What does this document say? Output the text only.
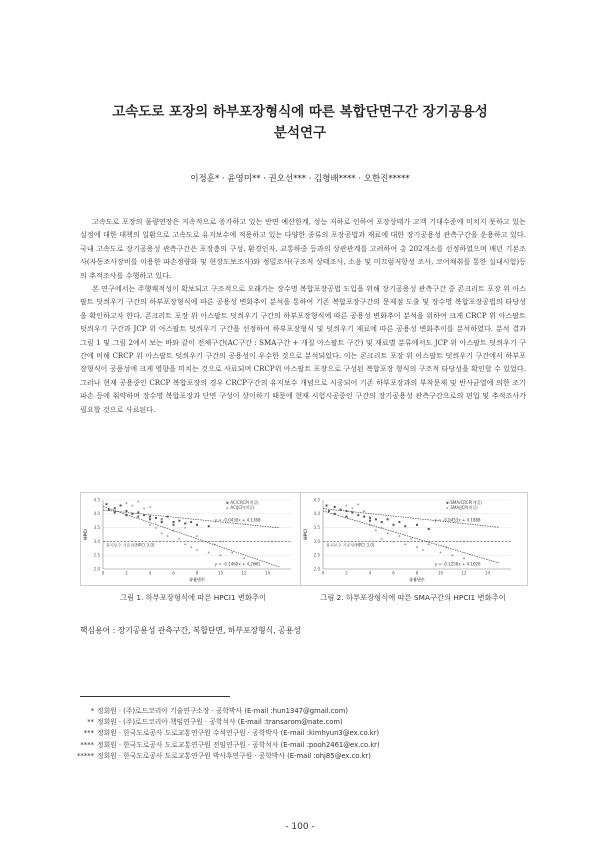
고속도로 포장의 하부포장형식에 따른 복합단면구간 장기공용성
분석연구
이정훈* · 윤영미** · 권오선*** · 김형배**** · 오한진*****

고속도로 포장의 물량연장은 지속적으로 증가하고 있는 반면 예산한계, 성능 저하로 인하여 포장상태가 고객 기대수준에 미치지 못하고 있는 실정에 대한 대책의 일환으로 고속도로 유지보수에 적용하고 있는 다양한 종류의 포장공법과 재료에 대한 장기공용성 관측구간을 운용하고 있다. 국내 고속도로 장기공용성 관측구간은 포장층의 구성, 환경인자, 교통하중 등과의 상관관계를 고려하여 총 202개소를 선정하였으며 매년 기본조사(자동조사장비를 이용한 파손정량화 및 현장도보조사)와 정밀조사(구조적 상태조사, 소음 및 미끄럼저항성 조사, 코어채취를 통한 실내시험)등의 추적조사를 수행하고 있다.

본 연구에서는 주행쾌적성이 확보되고 구조적으로 오래가는 장수명 복합포장공법 도입을 위해 장기공용성 관측구간 중 콘크리트 포장 위 아스팔트 덧씌우기 구간의 하부포장형식에 따른 공용성 변화추이 분석을 통하여 기존 복합포장구간의 문제점 도출 및 장수명 복합포장공법의 타당성을 확인하고자 한다. 콘크리트 포장 위 아스팔트 덧씌우기 구간의 하부포장형식에 따른 공용성 변화추이 분석을 위하여 크게 CRCP 위 아스팔트 덧씌우기 구간과 JCP 위 아스팔트 덧씌우기 구간을 선정하여 하부포장형식 및 덧씌우기 재료에 따른 공용성 변화추이를 분석하였다. 분석 결과 그림 1 및 그림 2에서 보는 바와 같이 전체구간(AC구간 : SMA구간 + 개질 아스팔트 구간) 및 재료별 분류에서도 JCP 위 아스팔트 덧씌우기 구간에 비해 CRCP 위 아스팔트 덧씌우기 구간의 공용성이 우수한 것으로 분석되었다. 이는 콘크리트 포장 위 아스팔트 덧씌우기 구간에서 하부포장형식이 공용성에 크게 영향을 미치는 것으로 사료되며 CRCP위 아스팔트 포장으로 구성된 복합포장 형식의 구조적 타당성을 확인할 수 있었다. 그러나 현재 공용중인 CRCP 복합포장의 경우 CRCP구간의 유지보수 개념으로 시공되어 기존 하부포장과의 부착문제 및 반사균열에 의한 조기파손 등에 취약하며 장수명 복합포장과 단면 구성이 상이하기 때문에 현재 시험시공중인 구간의 장기공용성 관측구간으로의 편입 및 추적조사가 필요할 것으로 사료된다.

2.0
2.5
3.0
3.5
4.0
4.5
0	2	4	6	8	10	12	14
공용년수
HPCI
유지보수 기준선(HPCI 3.0)
y = -0.0430x + 4.1368
y = -0.1460x + 4.2641
AC/CRCP(개질)
AC/JCP(개질)
2.0
2.5
3.0
3.5
4.0
4.5
0	2	4	6	8	10	12	14
공용년수
HPCI
유지보수 기준선(HPCI 3.0)
y = -0.0453x + 4.1888
y = -0.1258x + 4.1026
SMA/CRCP(개질)
SMA/JCP(개질)
그림 1. 하부포장형식에 따른 HPCI1 변화추이	그림 2. 하부포장형식에 따른 SMA구간의 HPCI1 변화추이
핵심용어 : 장기공용성 관측구간, 복합단면, 하부포장형식, 공용성
* 정회원 · (주)로드코리아 기술연구소장 · 공학박사 (E-mail :hun1347@gmail.com)
** 정회원 · (주)로드코리아 책임연구원 · 공학석사 (E-mail :transarom@nate.com)
*** 정회원 · 한국도로공사 도로교통연구원 수석연구원 · 공학박사 (E-mail :kimhyun3@ex.co.kr)
**** 정회원 · 한국도로공사 도로교통연구원 전임연구원 · 공학석사 (E-mail :pooh2461@ex.co.kr)
***** 정회원 · 한국도로공사 도로교통연구원 박사후연구원 · 공학박사 (E-mail :ohj85@ex.co.kr)
- 100 -
